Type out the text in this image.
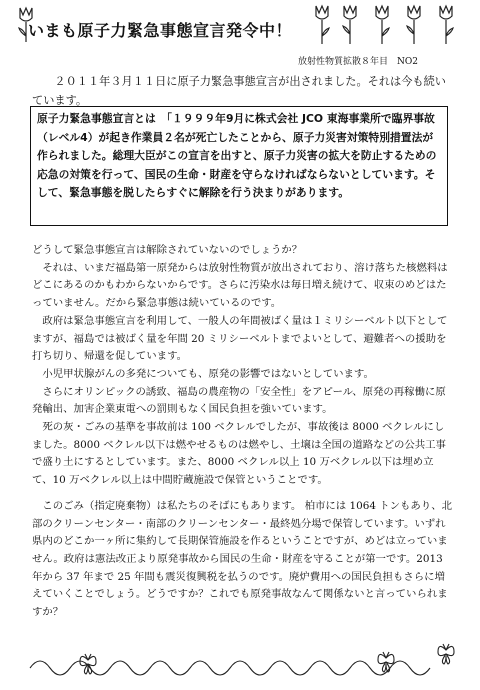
いまも原子力緊急事態宣言発令中！
放射性物質拡散８年目　NO2

２０１１年３月１１日に原子力緊急事態宣言が出されました。それは今も続いています。

原子力緊急事態宣言とは　「１９９９年9月に株式会社 JCO 東海事業所で臨界事故（レベル4）が起き作業員２名が死亡したことから、原子力災害対策特別措置法が作られました。総理大臣がこの宣言を出すと、原子力災害の拡大を防止するための応急の対策を行って、国民の生命・財産を守らなければならないとしています。そして、緊急事態を脱したらすぐに解除を行う決まりがあります。

どうして緊急事態宣言は解除されていないのでしょうか？

それは、いまだ福島第一原発からは放射性物質が放出されており、溶け落ちた核燃料はどこにあるのかもわからないからです。さらに汚染水は毎日増え続けて、収束のめどはたっていません。だから緊急事態は続いているのです。

政府は緊急事態宣言を利用して、一般人の年間被ばく量は１ミリシーベルト以下としてますが、福島では被ばく量を年間 20 ミリシーベルトまでよいとして、避難者への援助を打ち切り、帰還を促しています。

小児甲状腺がんの多発についても、原発の影響ではないとしています。

さらにオリンピックの誘致、福島の農産物の「安全性」をアピール、原発の再稼働に原発輸出、加害企業東電への罰則もなく国民負担を強いています。

死の灰・ごみの基準を事故前は 100 ベクレルでしたが、事故後は 8000 ベクレルにしました。8000 ベクレル以下は燃やせるものは燃やし、土壌は全国の道路などの公共工事で盛り土にするとしています。また、8000 ベクレル以上 10 万ベクレル以下は埋め立て、10 万ベクレル以上は中間貯蔵施設で保管ということです。

このごみ（指定廃棄物）は私たちのそばにもあります。 柏市には 1064 トンもあり、北部のクリーンセンター・南部のクリーンセンター・最終処分場で保管しています。いずれ県内のどこか一ヶ所に集約して長期保管施設を作るということですが、めどは立っていません。政府は憲法改正より原発事故から国民の生命・財産を守ることが第一です。2013 年から 37 年まで 25 年間も震災復興税を払うのです。廃炉費用への国民負担もさらに増えていくことでしょう。どうですか？これでも原発事故なんて関係ないと言っていられますか？
